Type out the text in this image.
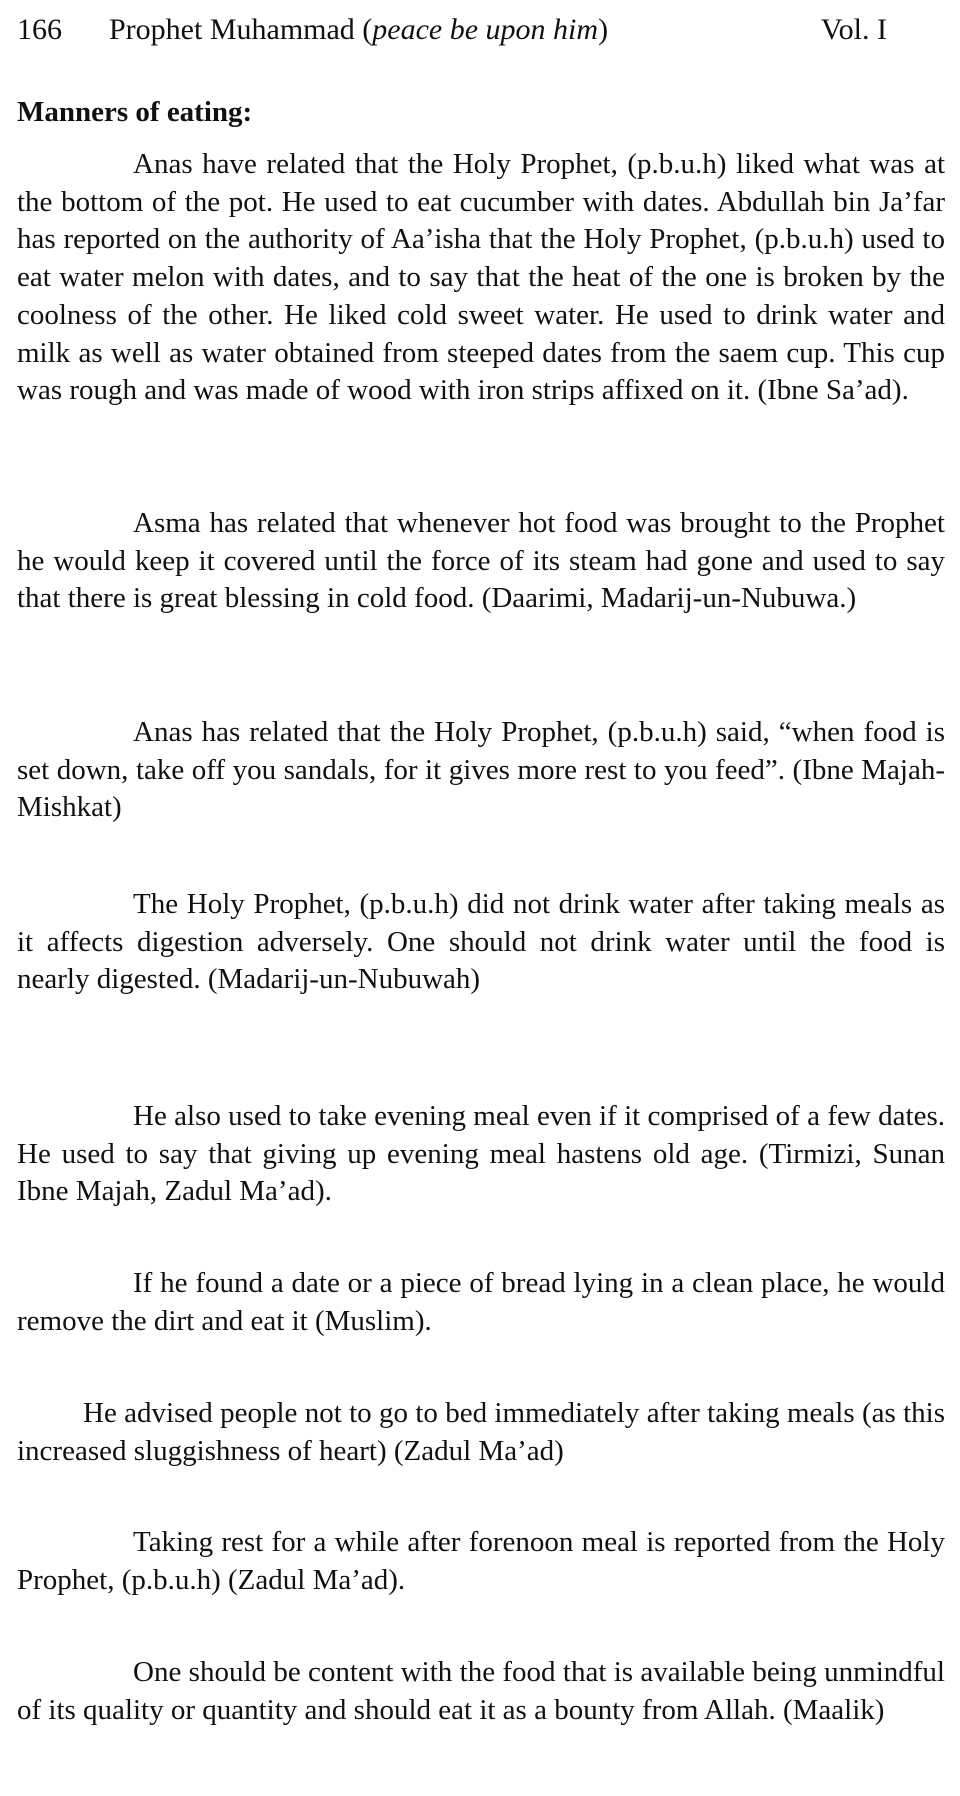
166 Prophet Muhammad (peace be upon him)	Vol. I
Manners of eating:

Anas have related that the Holy Prophet, (p.b.u.h) liked what was at the bottom of the pot. He used to eat cucumber with dates. Abdullah bin Ja’far has reported on the authority of Aa’isha that the Holy Prophet, (p.b.u.h) used to eat water melon with dates, and to say that the heat of the one is broken by the coolness of the other. He liked cold sweet water. He used to drink water and milk as well as water obtained from steeped dates from the saem cup. This cup was rough and was made of wood with iron strips affixed on it. (Ibne Sa’ad).

Asma has related that whenever hot food was brought to the Prophet he would keep it covered until the force of its steam had gone and used to say that there is great blessing in cold food. (Daarimi, Madarij-un-Nubuwa.)

Anas has related that the Holy Prophet, (p.b.u.h) said, “when food is set down, take off you sandals, for it gives more rest to you feed”. (Ibne Majah-Mishkat)

The Holy Prophet, (p.b.u.h) did not drink water after taking meals as it affects digestion adversely. One should not drink water until the food is nearly digested. (Madarij-un-Nubuwah)

He also used to take evening meal even if it comprised of a few dates. He used to say that giving up evening meal hastens old age. (Tirmizi, Sunan Ibne Majah, Zadul Ma’ad).

If he found a date or a piece of bread lying in a clean place, he would remove the dirt and eat it (Muslim).

He advised people not to go to bed immediately after taking meals (as this increased sluggishness of heart) (Zadul Ma’ad)

Taking rest for a while after forenoon meal is reported from the Holy Prophet, (p.b.u.h) (Zadul Ma’ad).

One should be content with the food that is available being unmindful of its quality or quantity and should eat it as a bounty from Allah. (Maalik)
